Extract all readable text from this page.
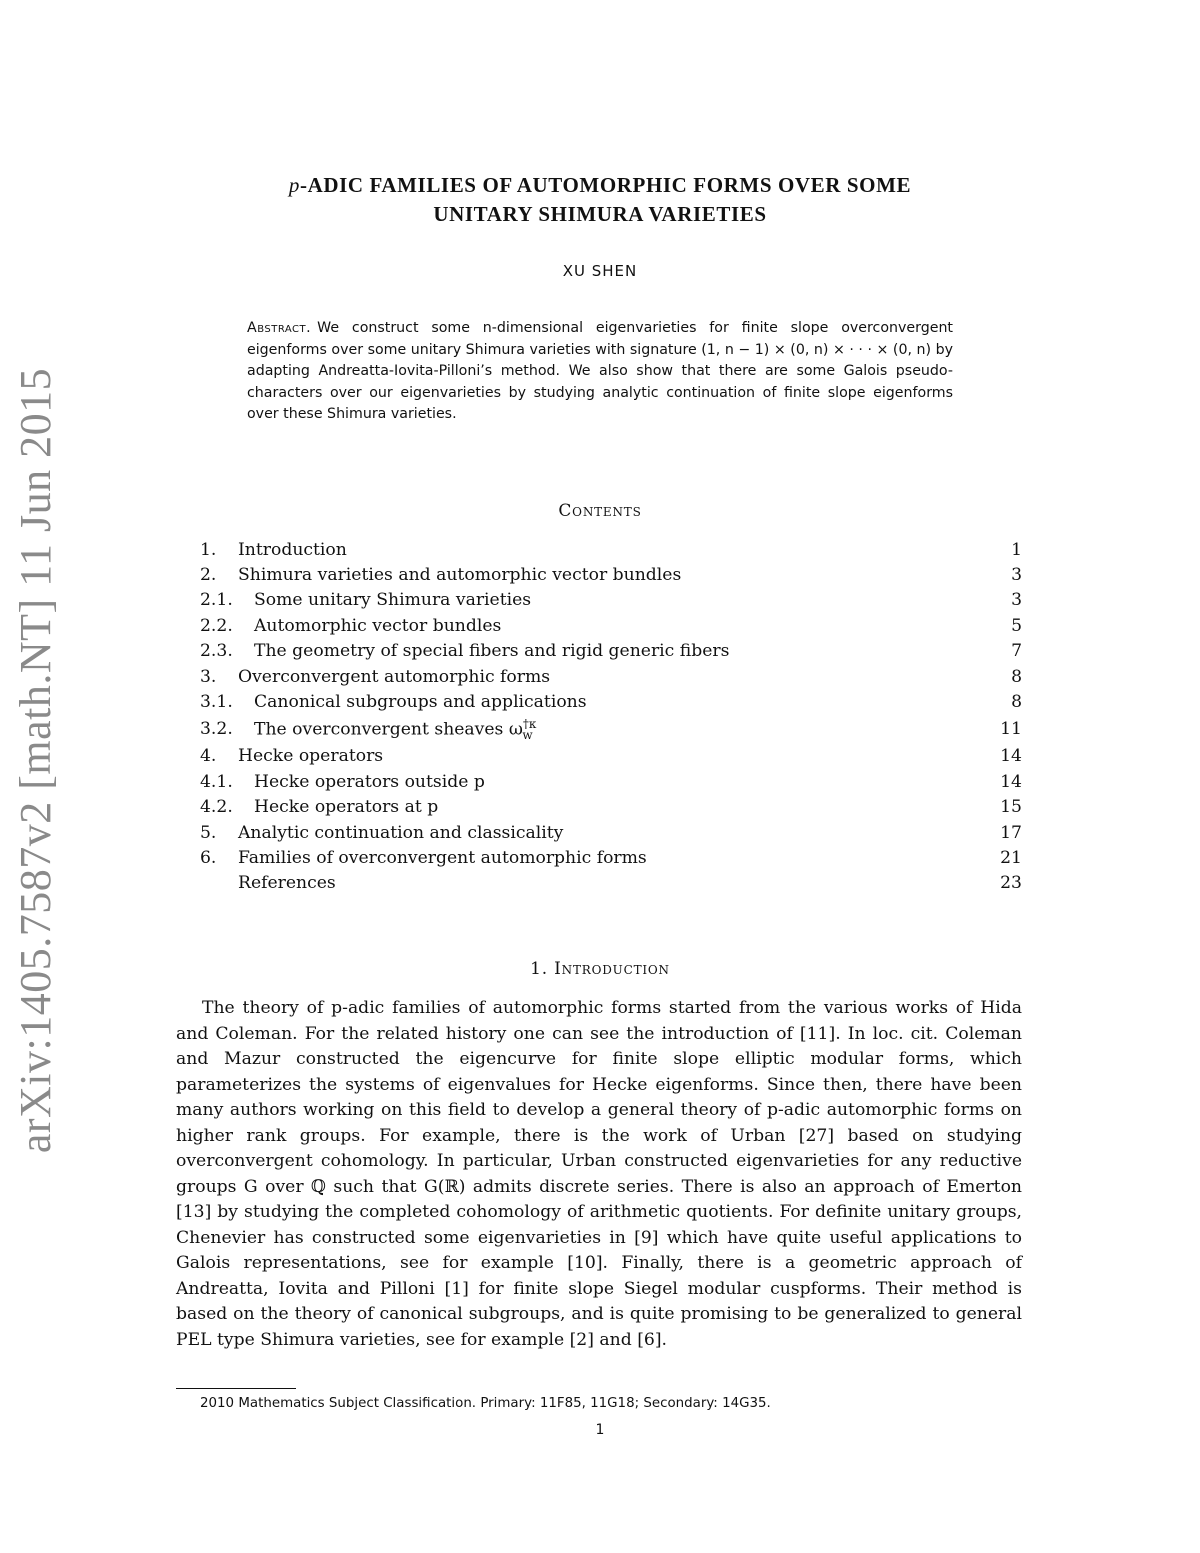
arXiv:1405.7587v2 [math.NT] 11 Jun 2015
p-ADIC FAMILIES OF AUTOMORPHIC FORMS OVER SOME
UNITARY SHIMURA VARIETIES
XU SHEN
Abstract. We construct some n-dimensional eigenvarieties for finite slope overconvergent eigenforms over some unitary Shimura varieties with signature (1, n − 1) × (0, n) × · · · × (0, n) by adapting Andreatta-Iovita-Pilloni’s method. We also show that there are some Galois pseudo-characters over our eigenvarieties by studying analytic continuation of finite slope eigenforms over these Shimura varieties.
Contents
1.	Introduction	1
2.	Shimura varieties and automorphic vector bundles	3
2.1.	Some unitary Shimura varieties	3
2.2.	Automorphic vector bundles	5
2.3.	The geometry of special fibers and rigid generic fibers	7
3.	Overconvergent automorphic forms	8
3.1.	Canonical subgroups and applications	8
3.2.	The overconvergent sheaves $\omega^{\dagger\kappa}_w$	11
4.	Hecke operators	14
4.1.	Hecke operators outside p	14
4.2.	Hecke operators at p	15
5.	Analytic continuation and classicality	17
6.	Families of overconvergent automorphic forms	21
References	23
1. Introduction
The theory of p-adic families of automorphic forms started from the various works of Hida and Coleman. For the related history one can see the introduction of [11]. In loc. cit. Coleman and Mazur constructed the eigencurve for finite slope elliptic modular forms, which parameterizes the systems of eigenvalues for Hecke eigenforms. Since then, there have been many authors working on this field to develop a general theory of p-adic automorphic forms on higher rank groups. For example, there is the work of Urban [27] based on studying overconvergent cohomology. In particular, Urban constructed eigenvarieties for any reductive groups G over ℚ such that G(ℝ) admits discrete series. There is also an approach of Emerton [13] by studying the completed cohomology of arithmetic quotients. For definite unitary groups, Chenevier has constructed some eigenvarieties in [9] which have quite useful applications to Galois representations, see for example [10]. Finally, there is a geometric approach of Andreatta, Iovita and Pilloni [1] for finite slope Siegel modular cuspforms. Their method is based on the theory of canonical subgroups, and is quite promising to be generalized to general PEL type Shimura varieties, see for example [2] and [6].
2010 Mathematics Subject Classification. Primary: 11F85, 11G18; Secondary: 14G35.
1
